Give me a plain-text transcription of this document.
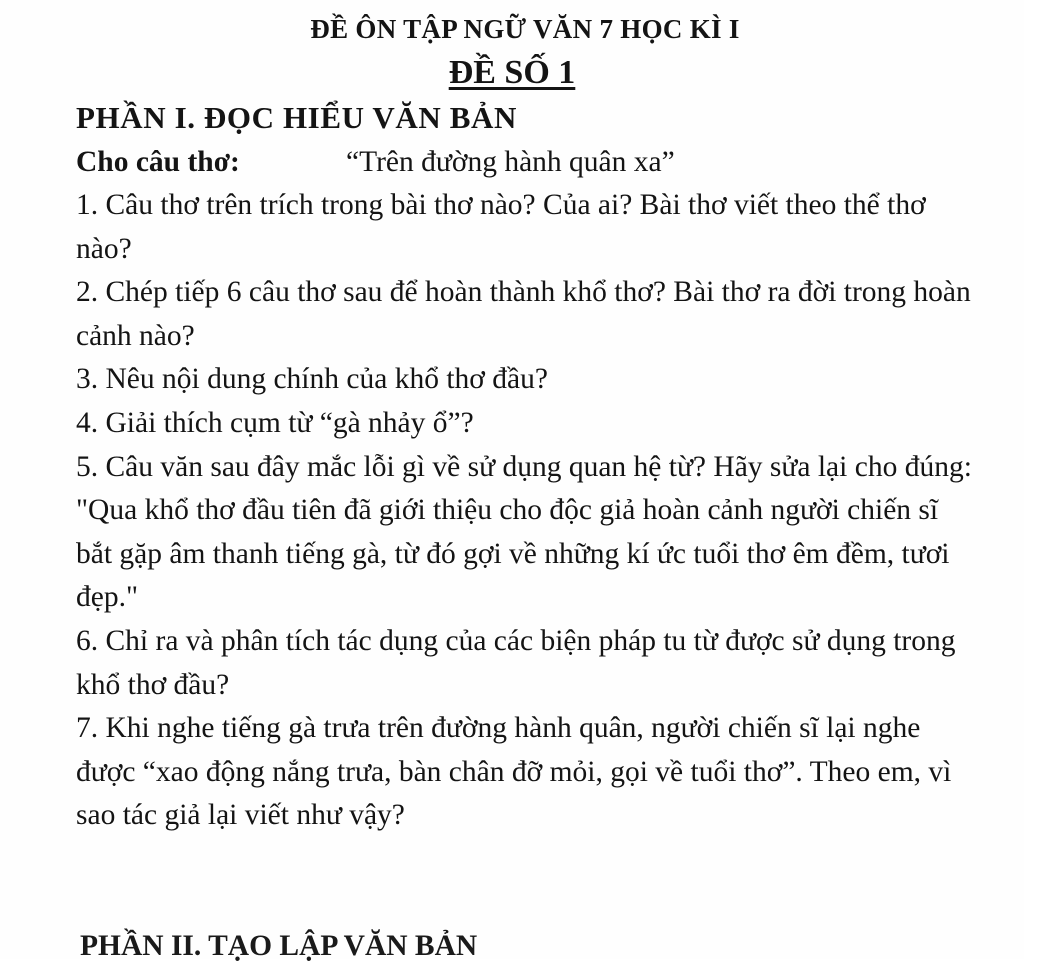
ĐỀ ÔN TẬP NGỮ VĂN 7 HỌC KÌ I
ĐỀ SỐ 1

PHẦN I. ĐỌC HIỂU VĂN BẢN

Cho câu thơ:	“Trên đường hành quân xa”

1. Câu thơ trên trích trong bài thơ nào? Của ai? Bài thơ viết theo thể thơ nào?

2. Chép tiếp 6 câu thơ sau để hoàn thành khổ thơ? Bài thơ ra đời trong hoàn cảnh nào?

3. Nêu nội dung chính của khổ thơ đầu?

4. Giải thích cụm từ “gà nhảy ổ”?

5. Câu văn sau đây mắc lỗi gì về sử dụng quan hệ từ? Hãy sửa lại cho đúng:

"Qua khổ thơ đầu tiên đã giới thiệu cho độc giả hoàn cảnh người chiến sĩ bắt gặp âm thanh tiếng gà, từ đó gợi về những kí ức tuổi thơ êm đềm, tươi đẹp."

6. Chỉ ra và phân tích tác dụng của các biện pháp tu từ được sử dụng trong khổ thơ đầu?

7. Khi nghe tiếng gà trưa trên đường hành quân, người chiến sĩ lại nghe được “xao động nắng trưa, bàn chân đỡ mỏi, gọi về tuổi thơ”. Theo em, vì sao tác giả lại viết như vậy?

PHẦN II. TẠO LẬP VĂN BẢN
